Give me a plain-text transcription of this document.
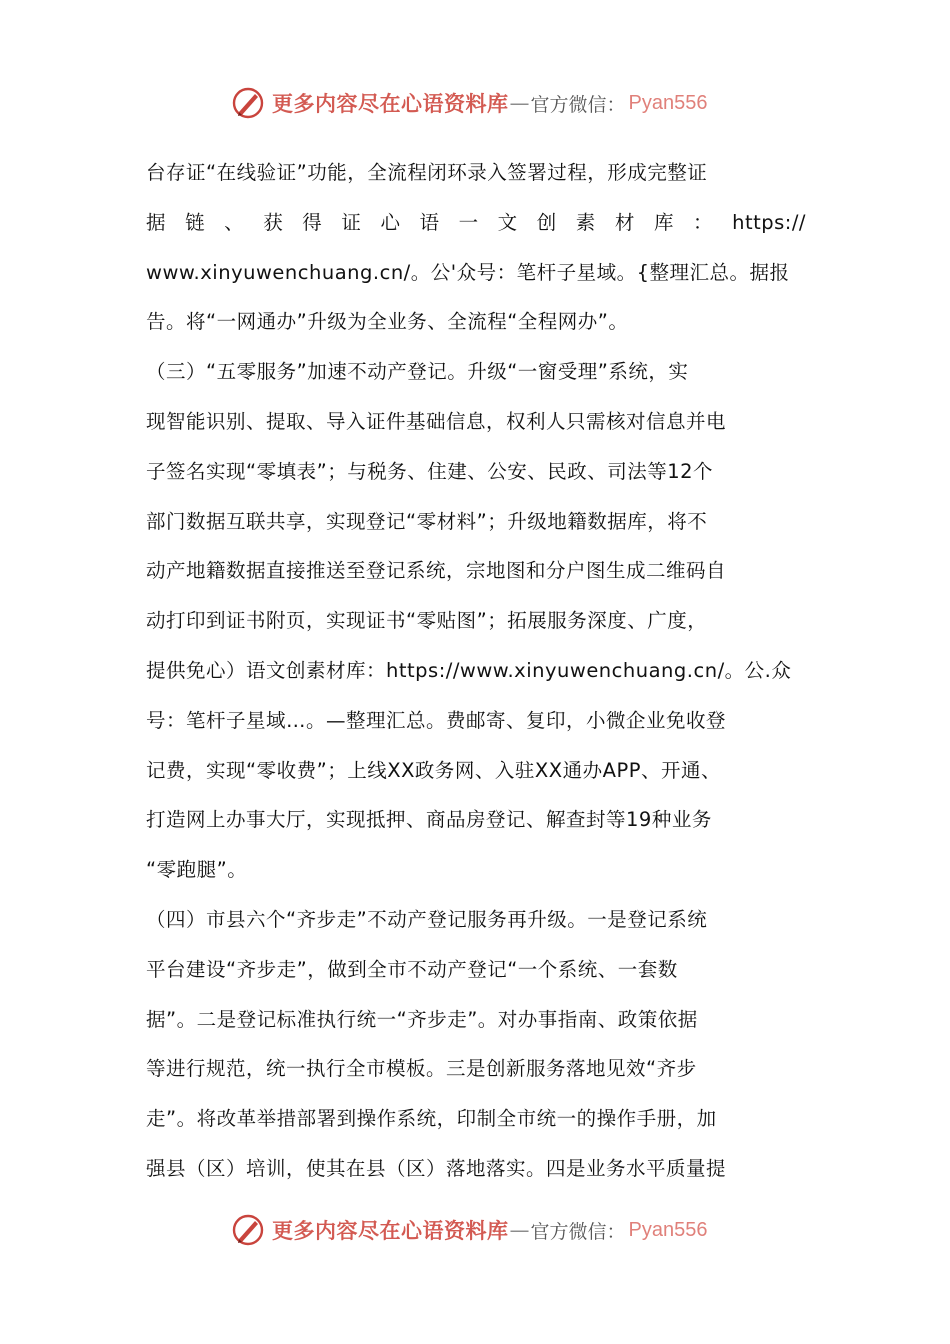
更多内容尽在心语资料库 — 官方微信： Pyan556
台存证“在线验证”功能，全流程闭环录入签署过程，形成完整证
据链、获得证心语一文创素材库：https://
www.xinyuwenchuang.cn/。公'众号：笔杆子星域。{整理汇总。据报
告。将“一网通办”升级为全业务、全流程“全程网办”。
（三）“五零服务”加速不动产登记。升级“一窗受理”系统，实
现智能识别、提取、导入证件基础信息，权利人只需核对信息并电
子签名实现“零填表”；与税务、住建、公安、民政、司法等12个
部门数据互联共享，实现登记“零材料”；升级地籍数据库，将不
动产地籍数据直接推送至登记系统，宗地图和分户图生成二维码自
动打印到证书附页，实现证书“零贴图”；拓展服务深度、广度，
提供免心）语文创素材库：https://www.xinyuwenchuang.cn/。公.众
号：笔杆子星域…。—整理汇总。费邮寄、复印，小微企业免收登
记费，实现“零收费”；上线XX政务网、入驻XX通办APP、开通、
打造网上办事大厅，实现抵押、商品房登记、解查封等19种业务
“零跑腿”。
（四）市县六个“齐步走”不动产登记服务再升级。一是登记系统
平台建设“齐步走”，做到全市不动产登记“一个系统、一套数
据”。二是登记标准执行统一“齐步走”。对办事指南、政策依据
等进行规范，统一执行全市模板。三是创新服务落地见效“齐步
走”。将改革举措部署到操作系统，印制全市统一的操作手册，加
强县（区）培训，使其在县（区）落地落实。四是业务水平质量提
更多内容尽在心语资料库 — 官方微信： Pyan556
